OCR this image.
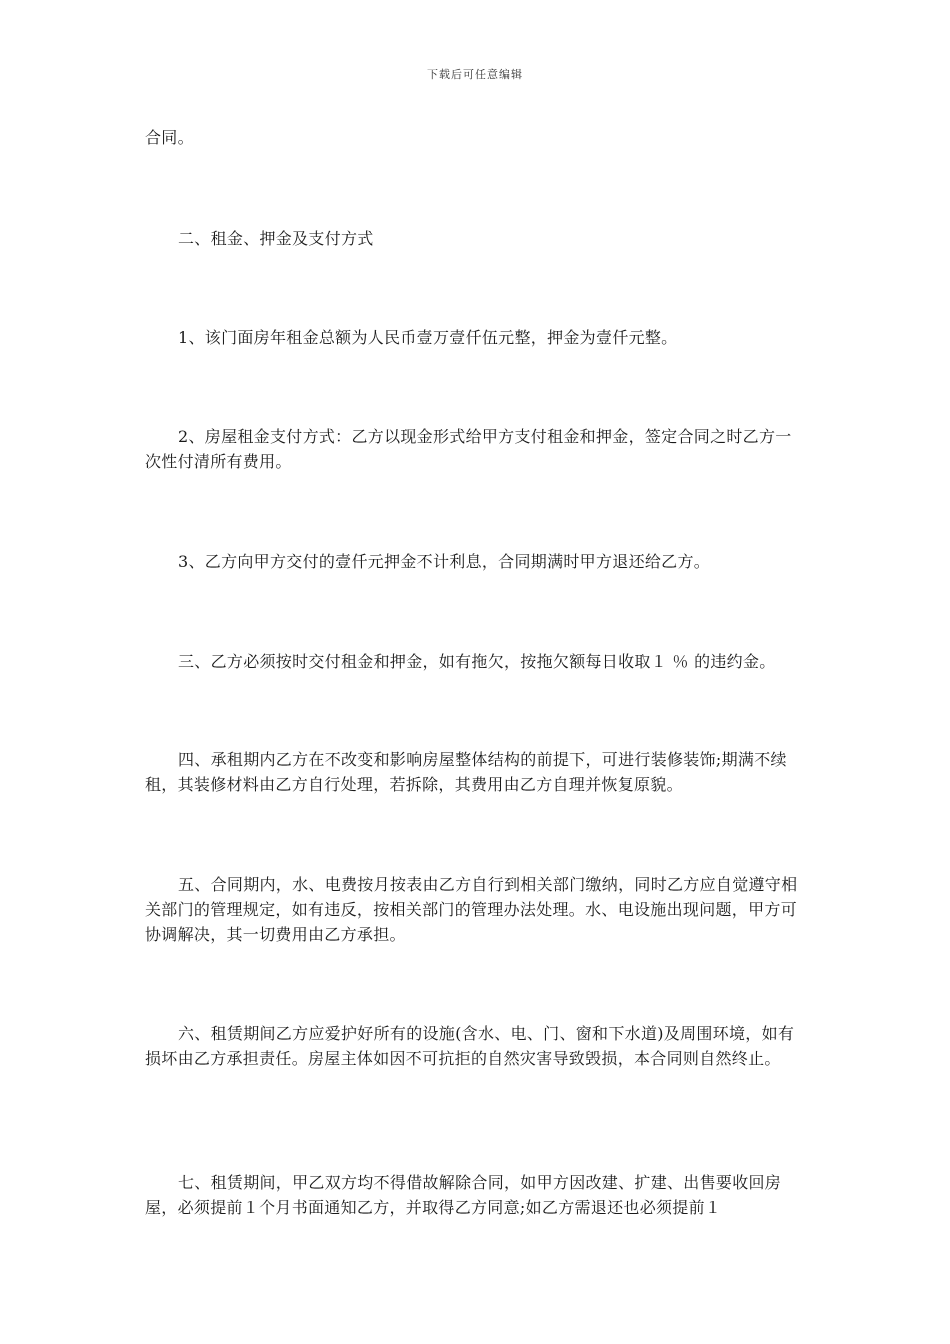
下载后可任意编辑

合同。

二、租金、押金及支付方式

1、该门面房年租金总额为人民币壹万壹仟伍元整，押金为壹仟元整。

2、房屋租金支付方式：乙方以现金形式给甲方支付租金和押金，签定合同之时乙方一次性付清所有费用。

3、乙方向甲方交付的壹仟元押金不计利息，合同期满时甲方退还给乙方。

三、乙方必须按时交付租金和押金，如有拖欠，按拖欠额每日收取１ ％ 的违约金。

四、承租期内乙方在不改变和影响房屋整体结构的前提下，可进行装修装饰;期满不续租，其装修材料由乙方自行处理，若拆除，其费用由乙方自理并恢复原貌。

五、合同期内，水、电费按月按表由乙方自行到相关部门缴纳，同时乙方应自觉遵守相关部门的管理规定，如有违反，按相关部门的管理办法处理。水、电设施出现问题，甲方可协调解决，其一切费用由乙方承担。

六、租赁期间乙方应爱护好所有的设施(含水、电、门、窗和下水道)及周围环境，如有损坏由乙方承担责任。房屋主体如因不可抗拒的自然灾害导致毁损，本合同则自然终止。

七、租赁期间，甲乙双方均不得借故解除合同，如甲方因改建、扩建、出售要收回房屋，必须提前１个月书面通知乙方，并取得乙方同意;如乙方需退还也必须提前１
